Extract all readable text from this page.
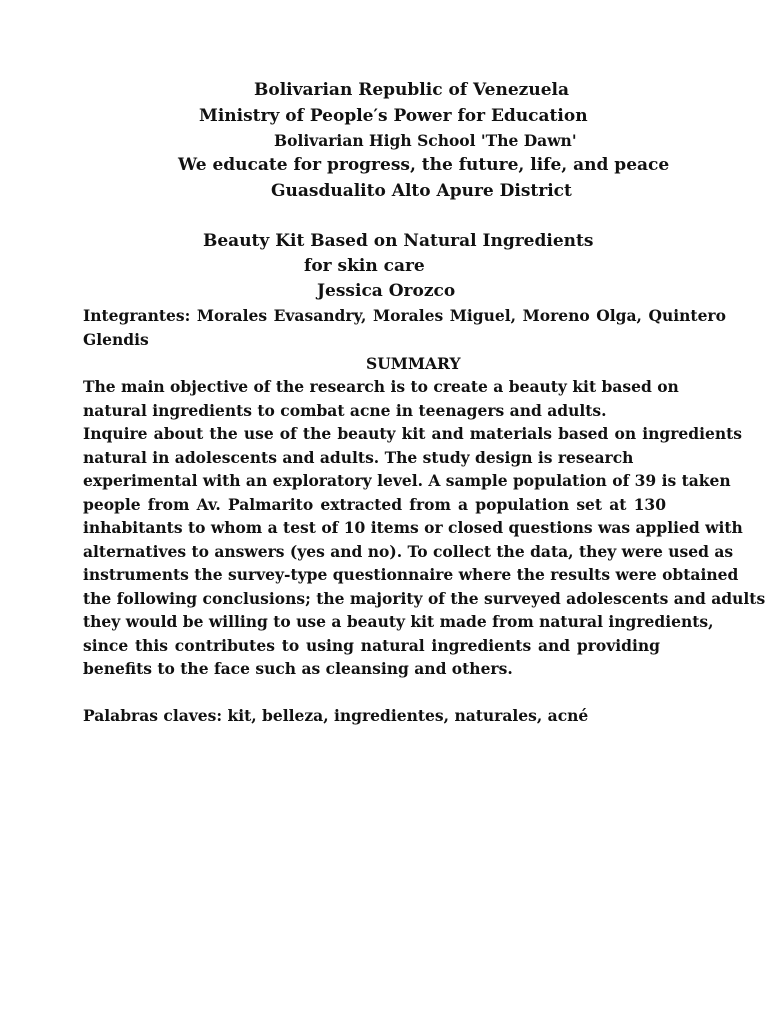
Bolivarian Republic of Venezuela
Ministry of People′s Power for Education
Bolivarian High School 'The Dawn'
We educate for progress, the future, life, and peace
Guasdualito Alto Apure District
Beauty Kit Based on Natural Ingredients
for skin care
Jessica Orozco
Integrantes: Morales Evasandry, Morales Miguel, Moreno Olga, Quintero
Glendis
SUMMARY
The main objective of the research is to create a beauty kit based on
natural ingredients to combat acne in teenagers and adults.
Inquire about the use of the beauty kit and materials based on ingredients
natural in adolescents and adults. The study design is research
experimental with an exploratory level. A sample population of 39 is taken
people from Av. Palmarito extracted from a population set at 130
inhabitants to whom a test of 10 items or closed questions was applied with
alternatives to answers (yes and no). To collect the data, they were used as
instruments the survey-type questionnaire where the results were obtained
the following conclusions; the majority of the surveyed adolescents and adults
they would be willing to use a beauty kit made from natural ingredients,
since this contributes to using natural ingredients and providing
benefits to the face such as cleansing and others.
Palabras claves: kit, belleza, ingredientes, naturales, acné
